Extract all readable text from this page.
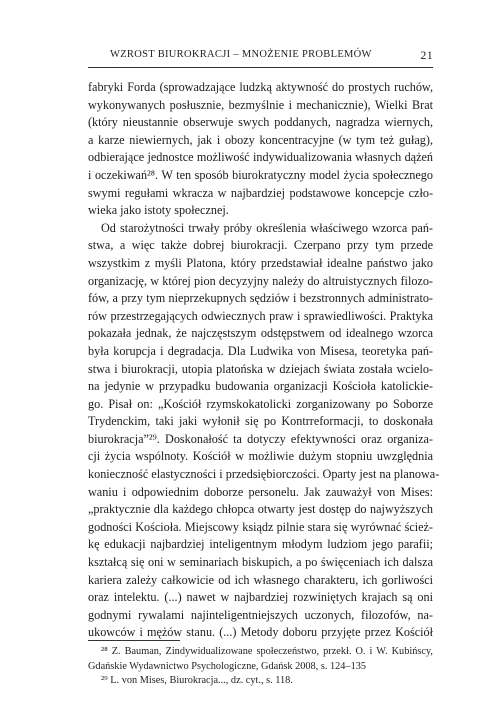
WZROST BIUROKRACJI – MNOŻENIE PROBLEMÓW	21
fabryki Forda (sprowadzające ludzką aktywność do prostych ruchów,
wykonywanych posłusznie, bezmyślnie i mechanicznie), Wielki Brat
(który nieustannie obserwuje swych poddanych, nagradza wiernych,
a karze niewiernych, jak i obozy koncentracyjne (w tym też gułag),
odbierające jednostce możliwość indywidualizowania własnych dążeń
i oczekiwań²⁸. W ten sposób biurokratyczny model życia społecznego
swymi regułami wkracza w najbardziej podstawowe koncepcje czło-
wieka jako istoty społecznej.
Od starożytności trwały próby określenia właściwego wzorca pań-
stwa, a więc także dobrej biurokracji. Czerpano przy tym przede
wszystkim z myśli Platona, który przedstawiał idealne państwo jako
organizację, w której pion decyzyjny należy do altruistycznych filozo-
fów, a przy tym nieprzekupnych sędziów i bezstronnych administrato-
rów przestrzegających odwiecznych praw i sprawiedliwości. Praktyka
pokazała jednak, że najczęstszym odstępstwem od idealnego wzorca
była korupcja i degradacja. Dla Ludwika von Misesa, teoretyka pań-
stwa i biurokracji, utopia platońska w dziejach świata została wcielo-
na jedynie w przypadku budowania organizacji Kościoła katolickie-
go. Pisał on: „Kościół rzymskokatolicki zorganizowany po Soborze
Trydenckim, taki jaki wyłonił się po Kontrreformacji, to doskonała
biurokracja”²⁹. Doskonałość ta dotyczy efektywności oraz organiza-
cji życia wspólnoty. Kościół w możliwie dużym stopniu uwzględnia
konieczność elastyczności i przedsiębiorczości. Oparty jest na planowa-
waniu i odpowiednim doborze personelu. Jak zauważył von Mises:
„praktycznie dla każdego chłopca otwarty jest dostęp do najwyższych
godności Kościoła. Miejscowy ksiądz pilnie stara się wyrównać ścież-
kę edukacji najbardziej inteligentnym młodym ludziom jego parafii;
kształcą się oni w seminariach biskupich, a po święceniach ich dalsza
kariera zależy całkowicie od ich własnego charakteru, ich gorliwości
oraz intelektu. (...) nawet w najbardziej rozwiniętych krajach są oni
godnymi rywalami najinteligentniejszych uczonych, filozofów, na-
ukowców i mężów stanu. (...) Metody doboru przyjęte przez Kościół
²⁸ Z. Bauman, Zindywidualizowane społeczeństwo, przekł. O. i W. Kubińscy,
Gdańskie Wydawnictwo Psychologiczne, Gdańsk 2008, s. 124–135
²⁹ L. von Mises, Biurokracja..., dz. cyt., s. 118.
